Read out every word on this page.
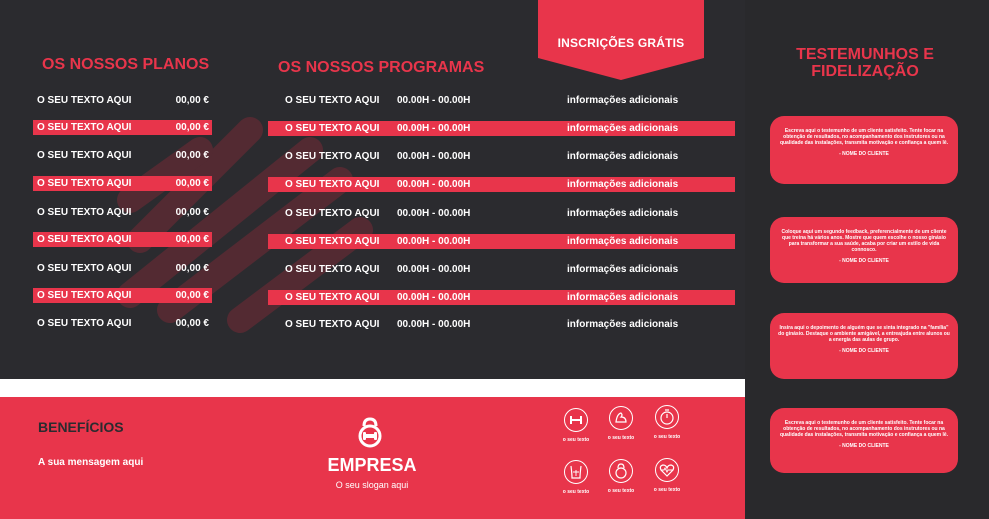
INSCRIÇÕES GRÁTIS
OS NOSSOS PLANOS	OS NOSSOS PROGRAMAS
TESTEMUNHOS E
FIDELIZAÇÃO
O SEU TEXTO AQUI	00,00 €
O SEU TEXTO AQUI	00,00 €
O SEU TEXTO AQUI	00,00 €
O SEU TEXTO AQUI	00,00 €
O SEU TEXTO AQUI	00,00 €
O SEU TEXTO AQUI	00,00 €
O SEU TEXTO AQUI	00,00 €
O SEU TEXTO AQUI	00,00 €
O SEU TEXTO AQUI	00,00 €
O SEU TEXTO AQUI 00.00H - 00.00H	informações adicionais
O SEU TEXTO AQUI 00.00H - 00.00H	informações adicionais
O SEU TEXTO AQUI 00.00H - 00.00H	informações adicionais
O SEU TEXTO AQUI 00.00H - 00.00H	informações adicionais
O SEU TEXTO AQUI 00.00H - 00.00H	informações adicionais
O SEU TEXTO AQUI 00.00H - 00.00H	informações adicionais
O SEU TEXTO AQUI 00.00H - 00.00H	informações adicionais
O SEU TEXTO AQUI 00.00H - 00.00H	informações adicionais
O SEU TEXTO AQUI 00.00H - 00.00H	informações adicionais
Escreva aqui o testemunho de um cliente satisfeito. Tente focar na obtenção de resultados, no acompanhamento dos instrutores ou na qualidade das instalações, transmita motivação e confiança a quem lê.
- NOME DO CLIENTE
Coloque aqui um segundo feedback, preferencialmente de um cliente que treina há vários anos. Mostre que quem escolhe o nosso ginásio para transformar a sua saúde, acaba por criar um estilo de vida connosco.
- NOME DO CLIENTE
Insira aqui o depoimento de alguém que se sinta integrado na "família" do ginásio. Destaque o ambiente amigável, a entreajuda entre alunos ou a energia das aulas de grupo.
- NOME DO CLIENTE
Escreva aqui o testemunho de um cliente satisfeito. Tente focar na obtenção de resultados, no acompanhamento dos instrutores ou na qualidade das instalações, transmita motivação e confiança a quem lê.
- NOME DO CLIENTE
BENEFÍCIOS
A sua mensagem aqui	EMPRESA
O seu slogan aqui
o seu texto	o seu texto	o seu texto
o seu texto	o seu texto	o seu texto
